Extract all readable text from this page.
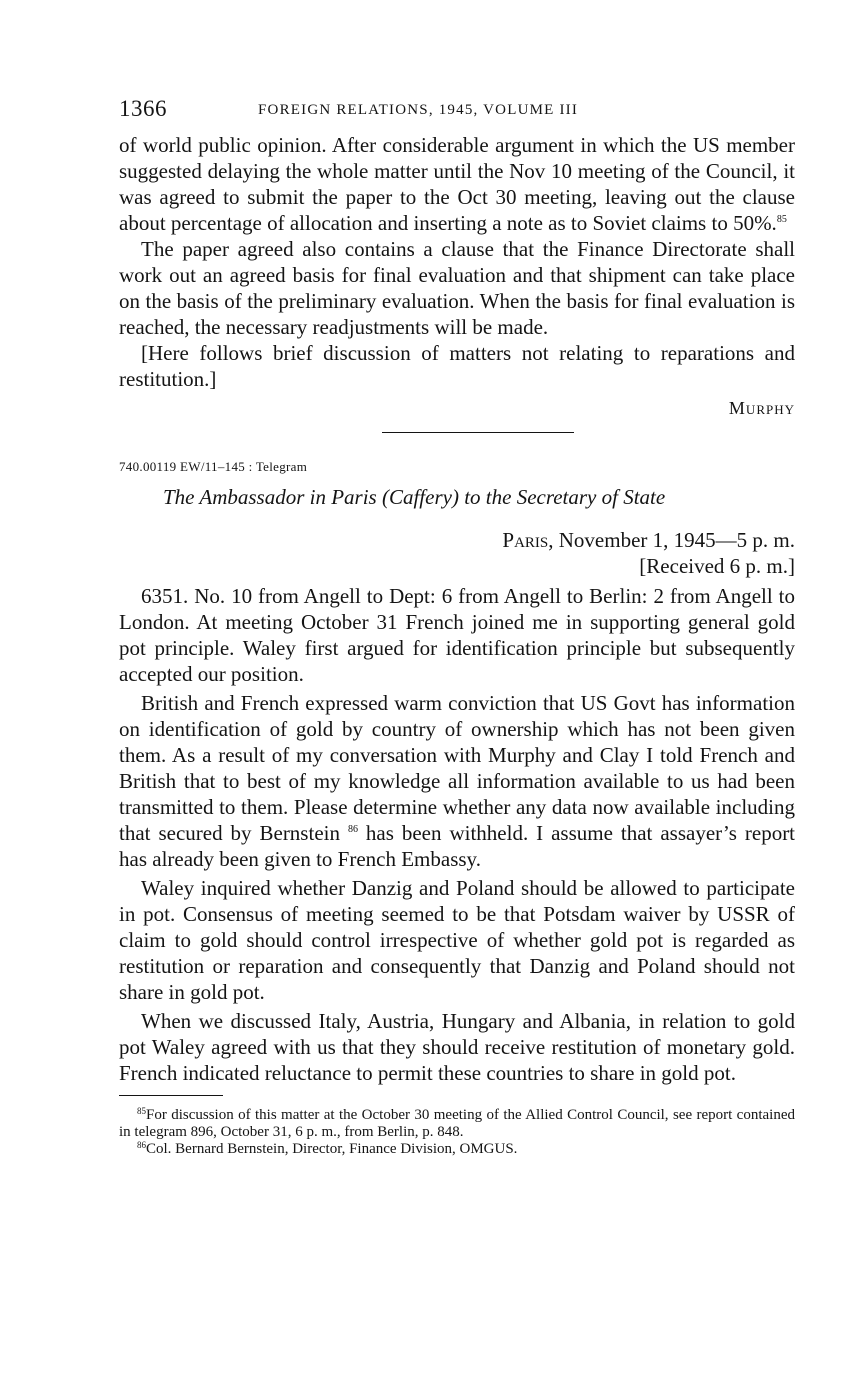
1366	FOREIGN RELATIONS, 1945, VOLUME III

of world public opinion. After considerable argument in which the US member suggested delaying the whole matter until the Nov 10 meeting of the Council, it was agreed to submit the paper to the Oct 30 meeting, leaving out the clause about percentage of allocation and inserting a note as to Soviet claims to 50%.$^{85}$

The paper agreed also contains a clause that the Finance Directorate shall work out an agreed basis for final evaluation and that shipment can take place on the basis of the preliminary evaluation. When the basis for final evaluation is reached, the necessary readjustments will be made.

[Here follows brief discussion of matters not relating to reparations and restitution.]

Murphy
740.00119 EW/11–145 : Telegram
The Ambassador in Paris (Caffery) to the Secretary of State
Paris, November 1, 1945—5 p. m.
[Received 6 p. m.]

6351. No. 10 from Angell to Dept: 6 from Angell to Berlin: 2 from Angell to London. At meeting October 31 French joined me in supporting general gold pot principle. Waley first argued for identification principle but subsequently accepted our position.

British and French expressed warm conviction that US Govt has information on identification of gold by country of ownership which has not been given them. As a result of my conversation with Murphy and Clay I told French and British that to best of my knowledge all information available to us had been transmitted to them. Please determine whether any data now available including that secured by Bernstein $^{86}$ has been withheld. I assume that assayer’s report has already been given to French Embassy.

Waley inquired whether Danzig and Poland should be allowed to participate in pot. Consensus of meeting seemed to be that Potsdam waiver by USSR of claim to gold should control irrespective of whether gold pot is regarded as restitution or reparation and consequently that Danzig and Poland should not share in gold pot.

When we discussed Italy, Austria, Hungary and Albania, in relation to gold pot Waley agreed with us that they should receive restitution of monetary gold. French indicated reluctance to permit these countries to share in gold pot.

$^{85}$For discussion of this matter at the October 30 meeting of the Allied Control Council, see report contained in telegram 896, October 31, 6 p. m., from Berlin, p. 848.

$^{86}$Col. Bernard Bernstein, Director, Finance Division, OMGUS.
